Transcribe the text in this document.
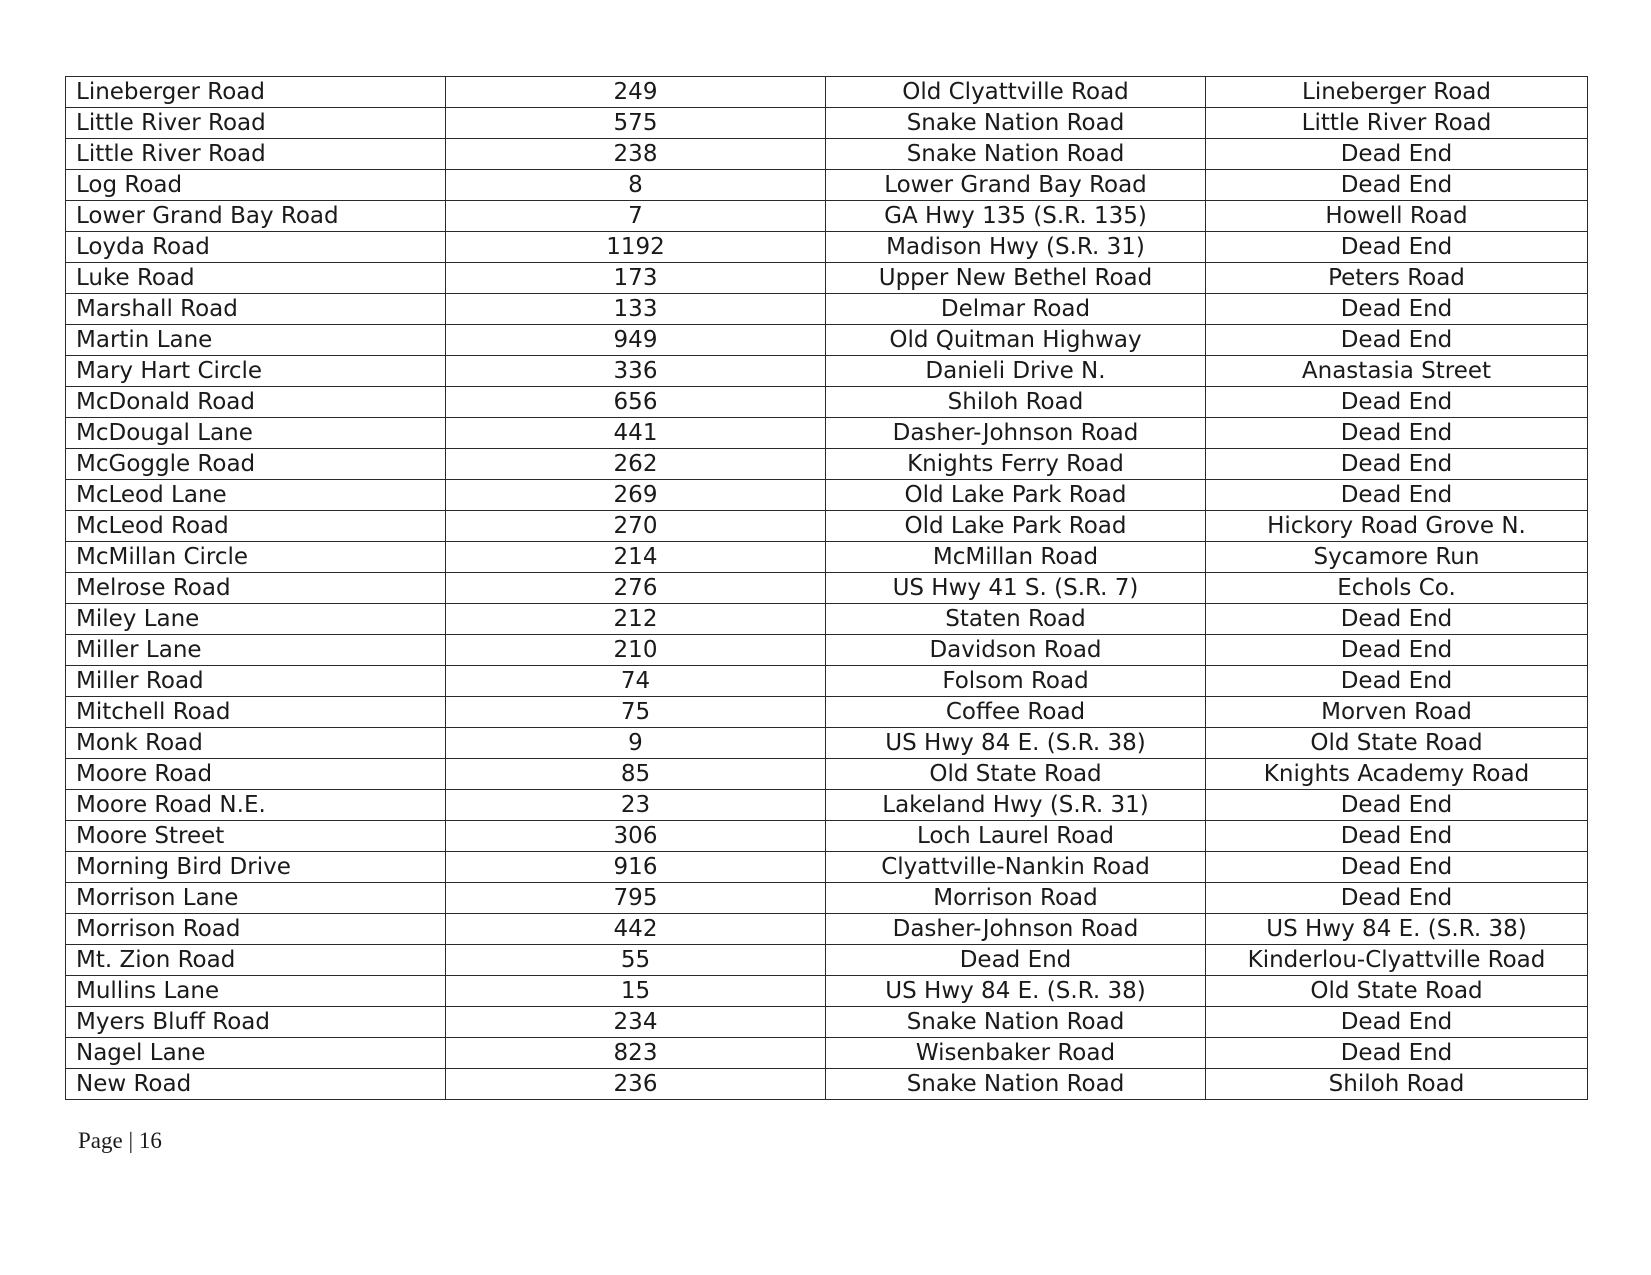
Lineberger Road	249	Old Clyattville Road	Lineberger Road
Little River Road	575	Snake Nation Road	Little River Road
Little River Road	238	Snake Nation Road	Dead End
Log Road	8	Lower Grand Bay Road	Dead End
Lower Grand Bay Road	7	GA Hwy 135 (S.R. 135)	Howell Road
Loyda Road	1192	Madison Hwy (S.R. 31)	Dead End
Luke Road	173	Upper New Bethel Road	Peters Road
Marshall Road	133	Delmar Road	Dead End
Martin Lane	949	Old Quitman Highway	Dead End
Mary Hart Circle	336	Danieli Drive N.	Anastasia Street
McDonald Road	656	Shiloh Road	Dead End
McDougal Lane	441	Dasher-Johnson Road	Dead End
McGoggle Road	262	Knights Ferry Road	Dead End
McLeod Lane	269	Old Lake Park Road	Dead End
McLeod Road	270	Old Lake Park Road	Hickory Road Grove N.
McMillan Circle	214	McMillan Road	Sycamore Run
Melrose Road	276	US Hwy 41 S. (S.R. 7)	Echols Co.
Miley Lane	212	Staten Road	Dead End
Miller Lane	210	Davidson Road	Dead End
Miller Road	74	Folsom Road	Dead End
Mitchell Road	75	Coffee Road	Morven Road
Monk Road	9	US Hwy 84 E. (S.R. 38)	Old State Road
Moore Road	85	Old State Road	Knights Academy Road
Moore Road N.E.	23	Lakeland Hwy (S.R. 31)	Dead End
Moore Street	306	Loch Laurel Road	Dead End
Morning Bird Drive	916	Clyattville-Nankin Road	Dead End
Morrison Lane	795	Morrison Road	Dead End
Morrison Road	442	Dasher-Johnson Road	US Hwy 84 E. (S.R. 38)
Mt. Zion Road	55	Dead End	Kinderlou-Clyattville Road
Mullins Lane	15	US Hwy 84 E. (S.R. 38)	Old State Road
Myers Bluff Road	234	Snake Nation Road	Dead End
Nagel Lane	823	Wisenbaker Road	Dead End
New Road	236	Snake Nation Road	Shiloh Road
Page | 16
